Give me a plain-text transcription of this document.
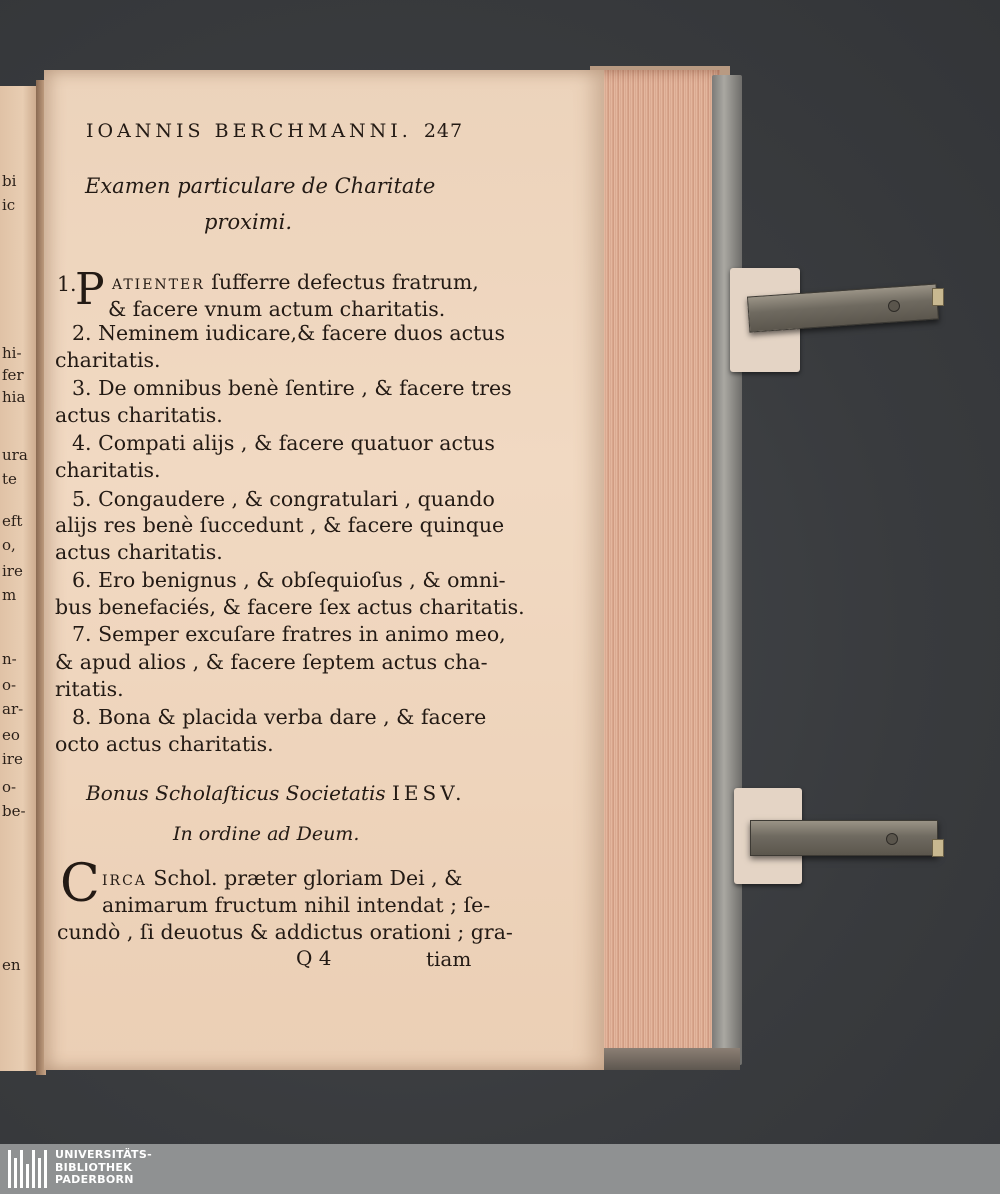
bi
ic
hi-
fer
hia
ura
te
eft
o,
ire
m
n-
o-
ar-
eo
ire
o-
be-
en
IOANNIS BERCHMANNI. 247
Examen particulare de Charitate
proximi.
1.
P atienter ſufferre defectus fratrum,
& facere vnum actum charitatis.
2. Neminem iudicare,& facere duos actus
charitatis.
3. De omnibus benè ſentire , & facere tres
actus charitatis.
4. Compati alijs , & facere quatuor actus
charitatis.
5. Congaudere , & congratulari , quando
alijs res benè ſuccedunt , & facere quinque
actus charitatis.
6. Ero benignus , & obſequioſus , & omni-
bus benefaciés, & facere ſex actus charitatis.
7. Semper excuſare fratres in animo meo,
& apud alios , & facere ſeptem actus cha-
ritatis.
8. Bona & placida verba dare , & facere
octo actus charitatis.
Bonus Scholaſticus Societatis IESV.
In ordine ad Deum.
C irca Schol. præter gloriam Dei , &
animarum fructum nihil intendat ; ſe-
cundò , ſi deuotus & addictus orationi ; gra-
Q 4	tiam
UNIVERSITÄTS-
BIBLIOTHEK
PADERBORN
